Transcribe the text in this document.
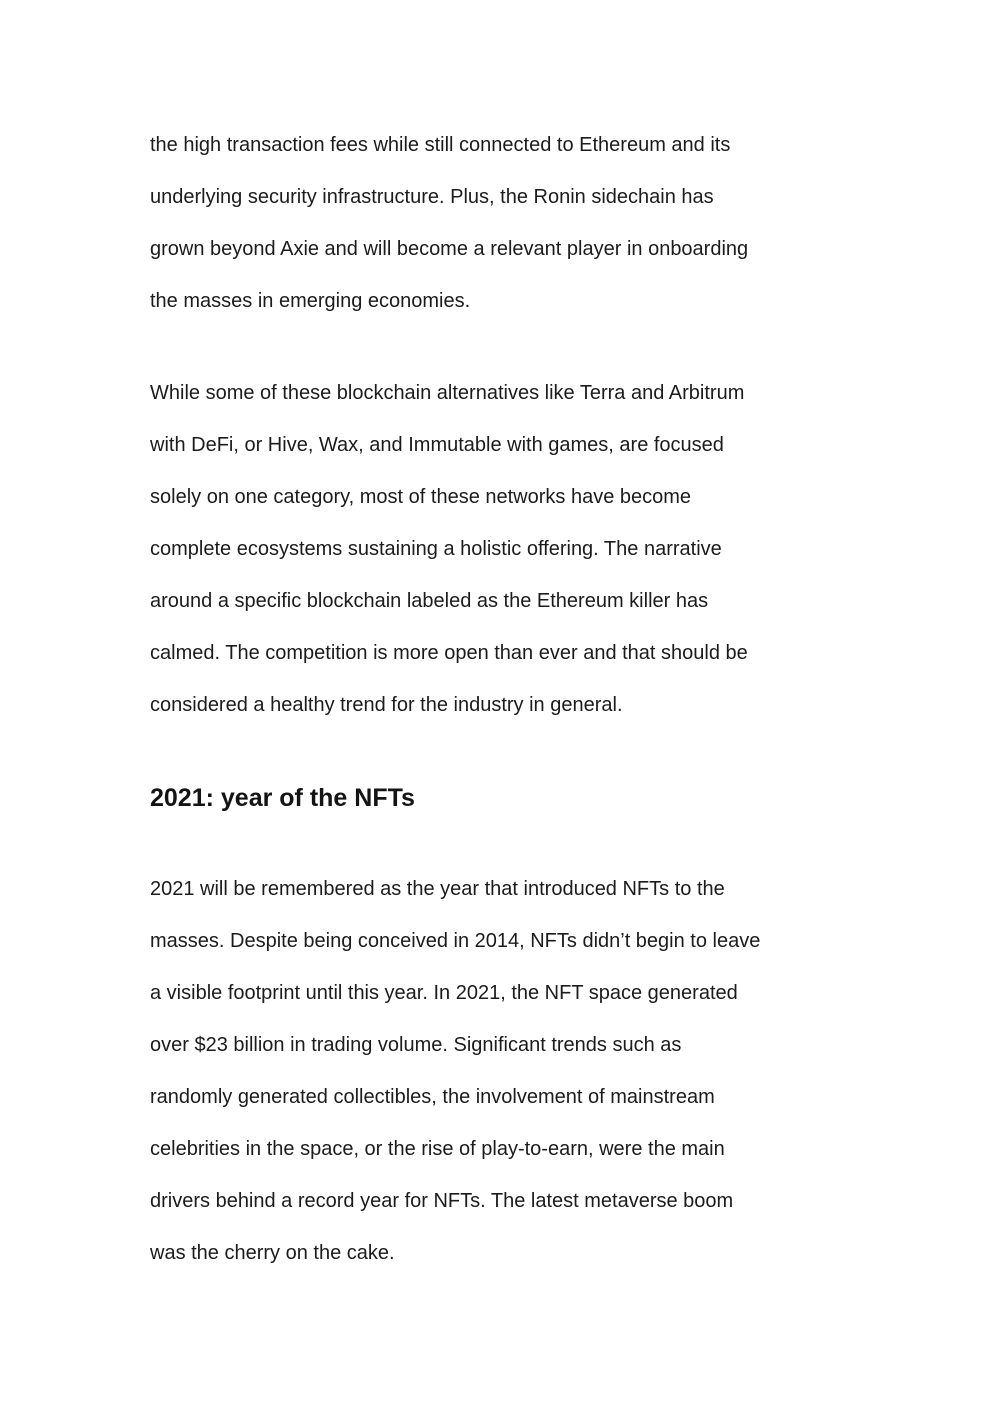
the high transaction fees while still connected to Ethereum and its

underlying security infrastructure. Plus, the Ronin sidechain has

grown beyond Axie and will become a relevant player in onboarding

the masses in emerging economies.

While some of these blockchain alternatives like Terra and Arbitrum

with DeFi, or Hive, Wax, and Immutable with games, are focused

solely on one category, most of these networks have become

complete ecosystems sustaining a holistic offering. The narrative

around a specific blockchain labeled as the Ethereum killer has

calmed. The competition is more open than ever and that should be

considered a healthy trend for the industry in general.

2021: year of the NFTs

2021 will be remembered as the year that introduced NFTs to the

masses. Despite being conceived in 2014, NFTs didn’t begin to leave

a visible footprint until this year. In 2021, the NFT space generated

over $23 billion in trading volume. Significant trends such as

randomly generated collectibles, the involvement of mainstream

celebrities in the space, or the rise of play-to-earn, were the main

drivers behind a record year for NFTs. The latest metaverse boom

was the cherry on the cake.
